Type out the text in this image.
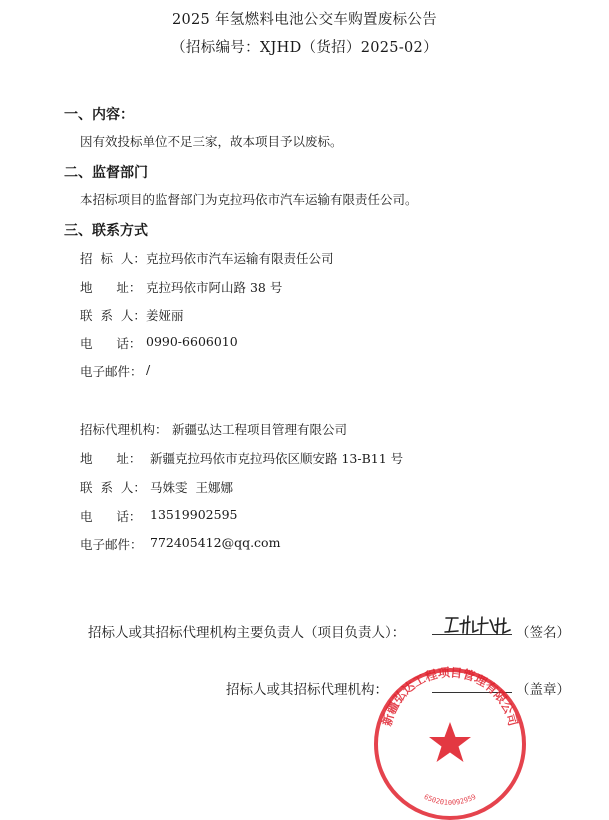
2025 年氢燃料电池公交车购置废标公告
（招标编号：XJHD（货招）2025-02）
一、内容：
因有效投标单位不足三家，故本项目予以废标。
二、监督部门
本招标项目的监督部门为克拉玛依市汽车运输有限责任公司。
三、联系方式
招  标  人： 克拉玛依市汽车运输有限责任公司
地      址： 克拉玛依市阿山路 38 号
联  系  人： 姜娅丽
电      话： 0990-6606010
电子邮件： /
招标代理机构： 新疆弘达工程项目管理有限公司
地      址： 新疆克拉玛依市克拉玛依区顺安路 13-B11 号
联  系  人： 马姝雯  王娜娜
电      话： 13519902595
电子邮件： 772405412@qq.com
招标人或其招标代理机构主要负责人（项目负责人）：	（签名）
招标人或其招标代理机构：	（盖章）
新疆弘达工程项目管理有限公司
6502010092959
